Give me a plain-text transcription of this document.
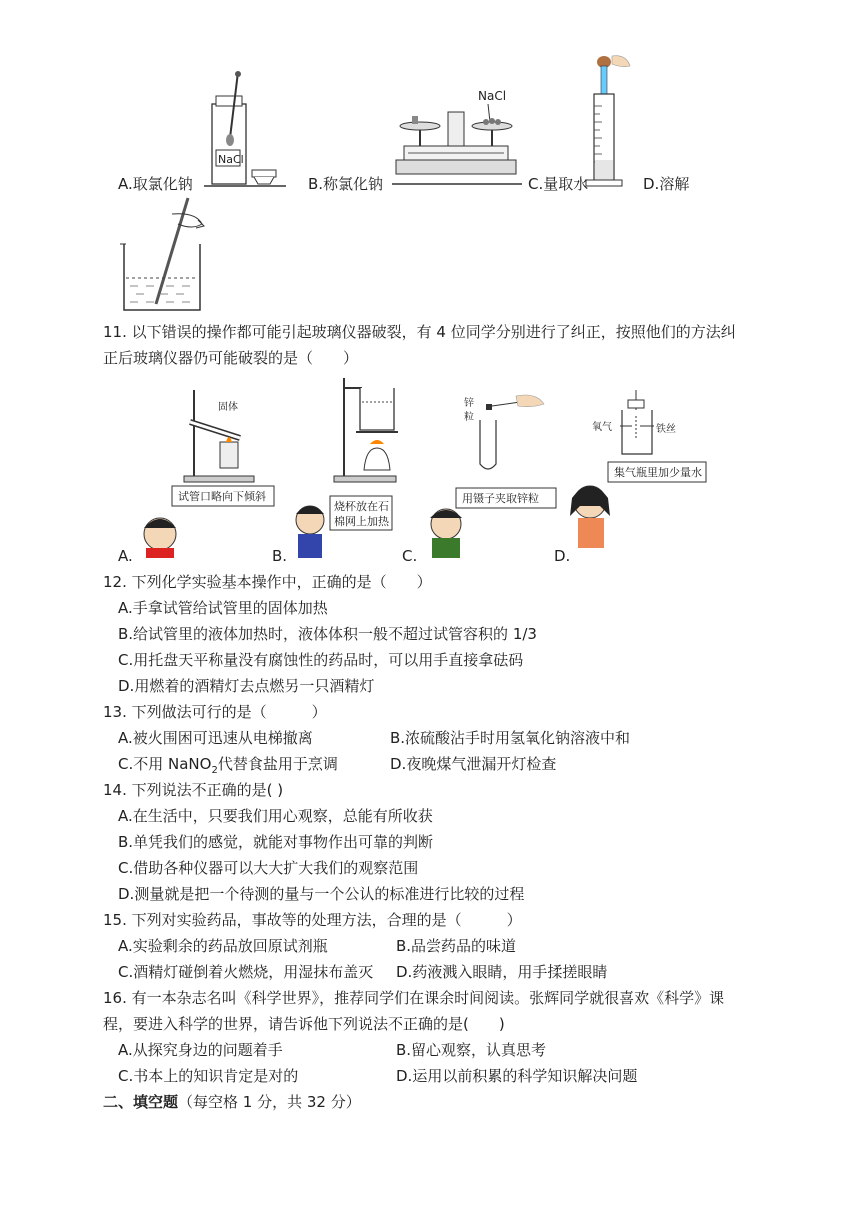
NaCl
A.取氯化钠
NaCl
B.称氯化钠	C.量取水	D.溶解
11. 以下错误的操作都可能引起玻璃仪器破裂，有 4 位同学分别进行了纠正，按照他们的方法纠
正后玻璃仪器仍可能破裂的是（　　）
固体
试管口略向下倾斜
A.
烧杯放在石
棉网上加热
B.
锌
粒
用镊子夹取锌粒
C.
氧气	铁丝
集气瓶里加少量水
D.
12. 下列化学实验基本操作中，正确的是（　　）
A.手拿试管给试管里的固体加热
B.给试管里的液体加热时，液体体积一般不超过试管容积的 1/3
C.用托盘天平称量没有腐蚀性的药品时，可以用手直接拿砝码
D.用燃着的酒精灯去点燃另一只酒精灯
13. 下列做法可行的是（　　　）
A.被火围困可迅速从电梯撤离	B.浓硫酸沾手时用氢氧化钠溶液中和
C.不用 NaNO$_2$代替食盐用于烹调	D.夜晚煤气泄漏开灯检查
14. 下列说法不正确的是( )
A.在生活中，只要我们用心观察，总能有所收获
B.单凭我们的感觉，就能对事物作出可靠的判断
C.借助各种仪器可以大大扩大我们的观察范围
D.测量就是把一个待测的量与一个公认的标准进行比较的过程
15. 下列对实验药品，事故等的处理方法，合理的是（　　　）
A.实验剩余的药品放回原试剂瓶	B.品尝药品的味道
C.酒精灯碰倒着火燃烧，用湿抹布盖灭 D.药液溅入眼睛，用手揉搓眼睛
16. 有一本杂志名叫《科学世界》，推荐同学们在课余时间阅读。张辉同学就很喜欢《科学》课
程，要进入科学的世界，请告诉他下列说法不正确的是(　　)
A.从探究身边的问题着手	B.留心观察，认真思考
C.书本上的知识肯定是对的	D.运用以前积累的科学知识解决问题
二、填空题（每空格 1 分，共 32 分）
